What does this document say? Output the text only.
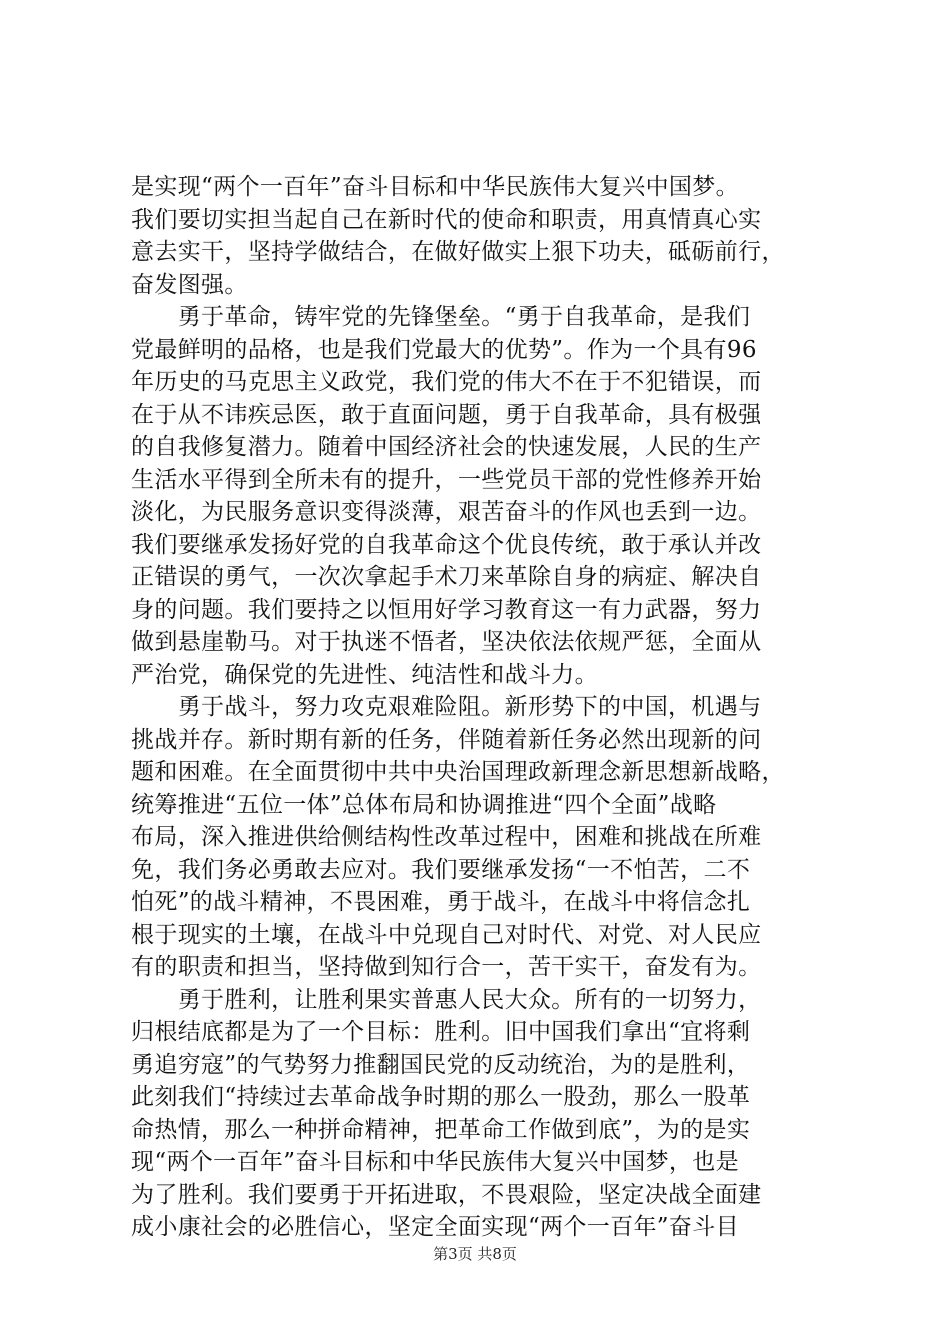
是实现“两个一百年”奋斗目标和中华民族伟大复兴中国梦。
我们要切实担当起自己在新时代的使命和职责，用真情真心实
意去实干，坚持学做结合，在做好做实上狠下功夫，砥砺前行，
奋发图强。
　　勇于革命，铸牢党的先锋堡垒。“勇于自我革命，是我们
党最鲜明的品格，也是我们党最大的优势”。作为一个具有96
年历史的马克思主义政党，我们党的伟大不在于不犯错误，而
在于从不讳疾忌医，敢于直面问题，勇于自我革命，具有极强
的自我修复潜力。随着中国经济社会的快速发展，人民的生产
生活水平得到全所未有的提升，一些党员干部的党性修养开始
淡化，为民服务意识变得淡薄，艰苦奋斗的作风也丢到一边。
我们要继承发扬好党的自我革命这个优良传统，敢于承认并改
正错误的勇气，一次次拿起手术刀来革除自身的病症、解决自
身的问题。我们要持之以恒用好学习教育这一有力武器，努力
做到悬崖勒马。对于执迷不悟者，坚决依法依规严惩，全面从
严治党，确保党的先进性、纯洁性和战斗力。
　　勇于战斗，努力攻克艰难险阻。新形势下的中国，机遇与
挑战并存。新时期有新的任务，伴随着新任务必然出现新的问
题和困难。在全面贯彻中共中央治国理政新理念新思想新战略，
统筹推进“五位一体”总体布局和协调推进“四个全面”战略
布局，深入推进供给侧结构性改革过程中，困难和挑战在所难
免，我们务必勇敢去应对。我们要继承发扬“一不怕苦，二不
怕死”的战斗精神，不畏困难，勇于战斗，在战斗中将信念扎
根于现实的土壤，在战斗中兑现自己对时代、对党、对人民应
有的职责和担当，坚持做到知行合一，苦干实干，奋发有为。
　　勇于胜利，让胜利果实普惠人民大众。所有的一切努力，
归根结底都是为了一个目标：胜利。旧中国我们拿出“宜将剩
勇追穷寇”的气势努力推翻国民党的反动统治，为的是胜利，
此刻我们“持续过去革命战争时期的那么一股劲，那么一股革
命热情，那么一种拼命精神，把革命工作做到底”，为的是实
现“两个一百年”奋斗目标和中华民族伟大复兴中国梦，也是
为了胜利。我们要勇于开拓进取，不畏艰险，坚定决战全面建
成小康社会的必胜信心，坚定全面实现“两个一百年”奋斗目
第3页 共8页
